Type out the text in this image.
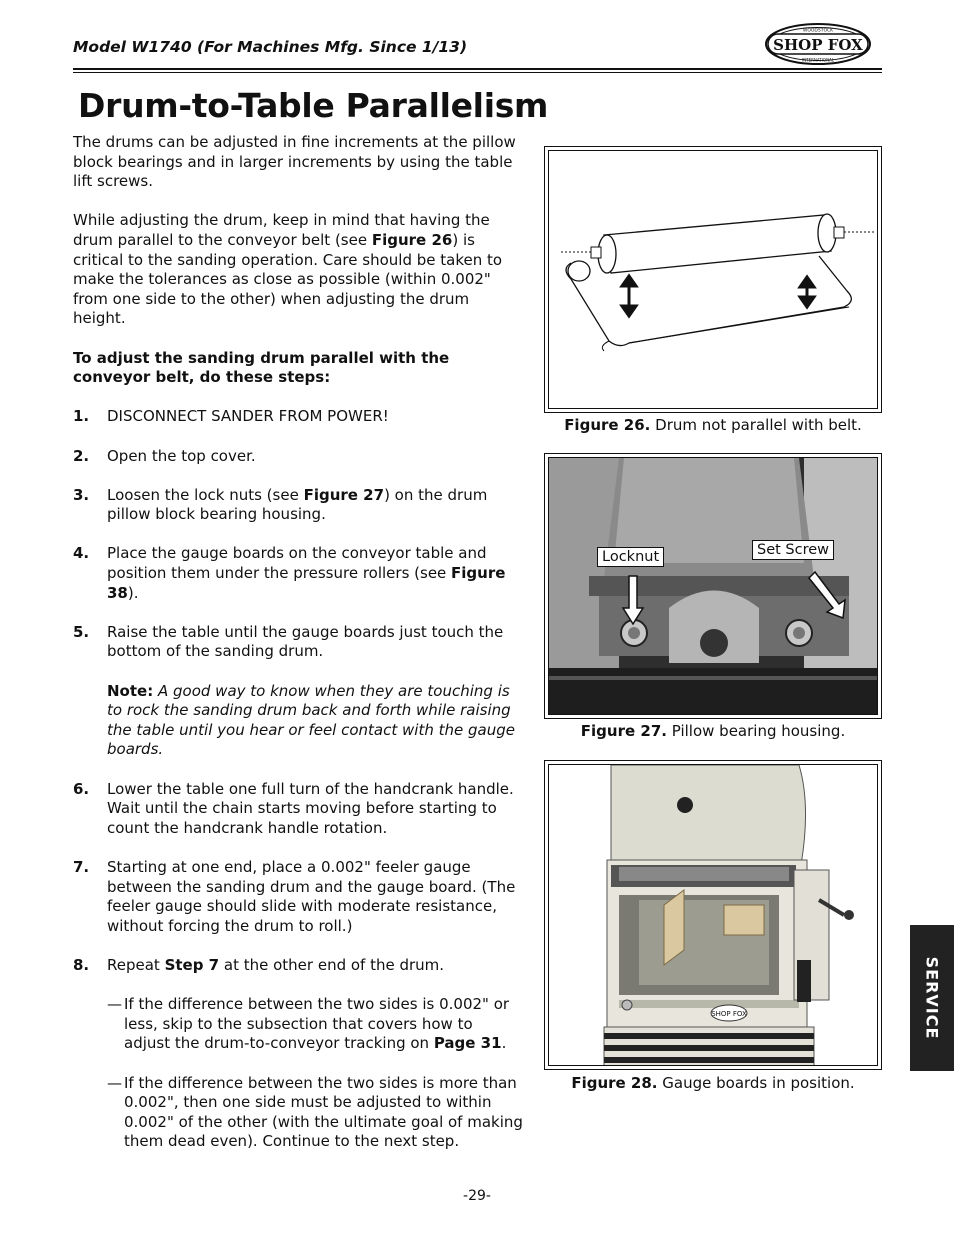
Model W1740 (For Machines Mfg. Since 1/13)	SHOP FOX
WOODSTOCK
INTERNATIONAL
Drum-to-Table Parallelism

The drums can be adjusted in fine increments at the pillow block bearings and in larger increments by using the table lift screws.

While adjusting the drum, keep in mind that having the drum parallel to the conveyor belt (see Figure 26) is critical to the sanding operation. Care should be taken to make the tolerances as close as possible (within 0.002" from one side to the other) when adjusting the drum height.

To adjust the sanding drum parallel with the conveyor belt, do these steps:

1.	DISCONNECT SANDER FROM POWER!
2.	Open the top cover.
3.	Loosen the lock nuts (see Figure 27) on the drum pillow block bearing housing.
4.	Place the gauge boards on the conveyor table and position them under the pressure rollers (see Figure 38).
5.	Raise the table until the gauge boards just touch the bottom of the sanding drum.
Note: A good way to know when they are touching is to rock the sanding drum back and forth while raising the table until you hear or feel contact with the gauge boards.
6.	Lower the table one full turn of the handcrank handle. Wait until the chain starts moving before starting to count the handcrank handle rotation.
7.	Starting at one end, place a 0.002" feeler gauge between the sanding drum and the gauge board. (The feeler gauge should slide with moderate resistance, without forcing the drum to roll.)
8.	Repeat Step 7 at the other end of the drum.
— If the difference between the two sides is 0.002" or less, skip to the subsection that covers how to adjust the drum-to-conveyor tracking on Page 31.
— If the difference between the two sides is more than 0.002", then one side must be adjusted to within 0.002" of the other (with the ultimate goal of making them dead even). Continue to the next step.
Figure 26. Drum not parallel with belt.
Locknut	Set Screw
Figure 27. Pillow bearing housing.
SHOP FOX
Figure 28. Gauge boards in position.
SERVICE
-29-
